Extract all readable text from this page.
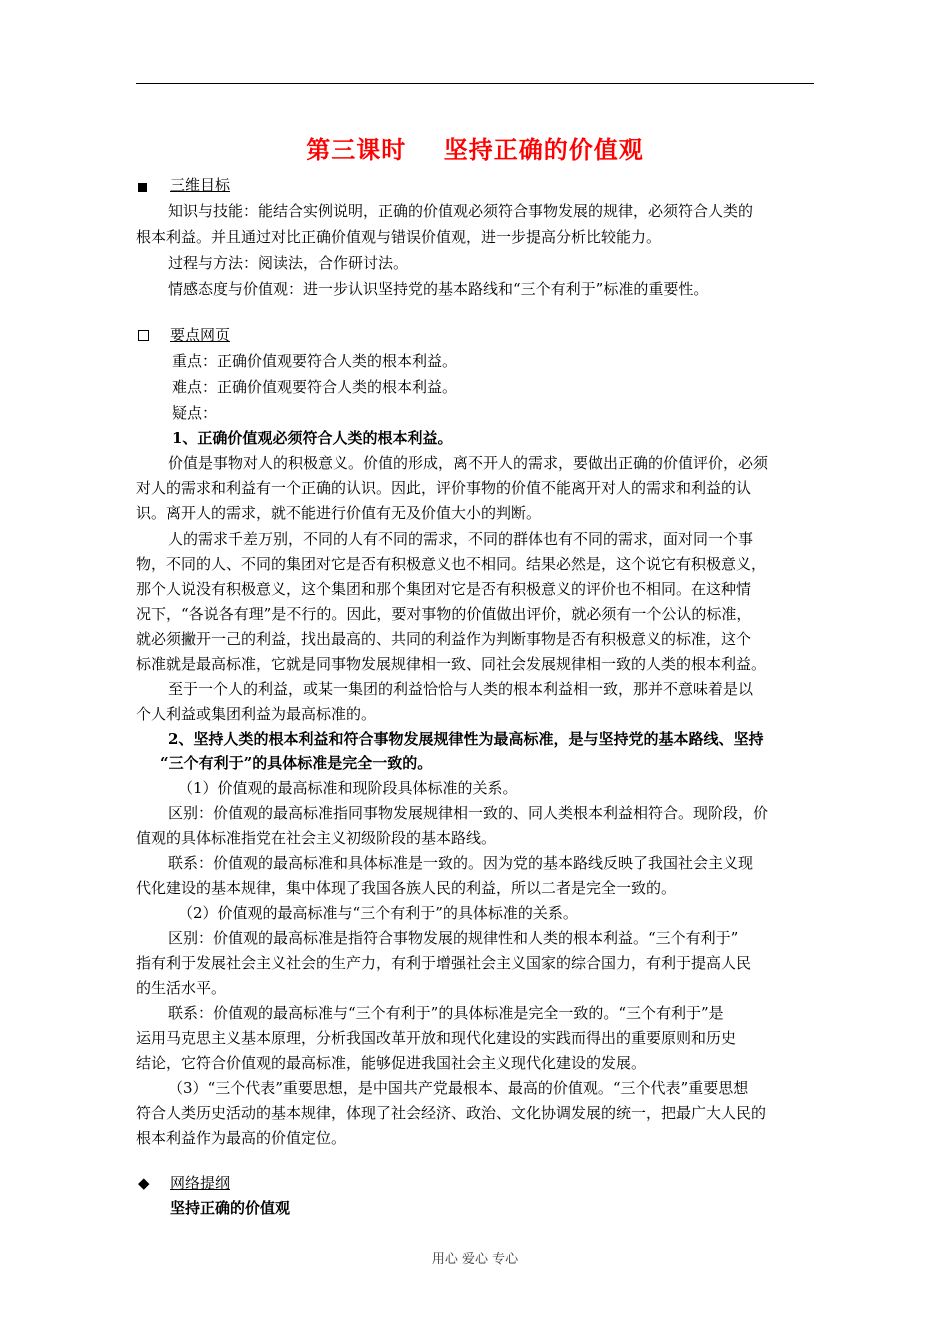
第三课时    坚持正确的价值观
三维目标
知识与技能：能结合实例说明，正确的价值观必须符合事物发展的规律，必须符合人类的
根本利益。并且通过对比正确价值观与错误价值观，进一步提高分析比较能力。
过程与方法：阅读法，合作研讨法。
情感态度与价值观：进一步认识坚持党的基本路线和“三个有利于”标准的重要性。
要点网页
重点：正确价值观要符合人类的根本利益。
难点：正确价值观要符合人类的根本利益。
疑点：
1、正确价值观必须符合人类的根本利益。
价值是事物对人的积极意义。价值的形成，离不开人的需求，要做出正确的价值评价，必须
对人的需求和利益有一个正确的认识。因此，评价事物的价值不能离开对人的需求和利益的认
识。离开人的需求，就不能进行价值有无及价值大小的判断。
人的需求千差万别，不同的人有不同的需求，不同的群体也有不同的需求，面对同一个事
物，不同的人、不同的集团对它是否有积极意义也不相同。结果必然是，这个说它有积极意义，
那个人说没有积极意义，这个集团和那个集团对它是否有积极意义的评价也不相同。在这种情
况下，“各说各有理”是不行的。因此，要对事物的价值做出评价，就必须有一个公认的标准，
就必须撇开一己的利益，找出最高的、共同的利益作为判断事物是否有积极意义的标准，这个
标准就是最高标准，它就是同事物发展规律相一致、同社会发展规律相一致的人类的根本利益。
至于一个人的利益，或某一集团的利益恰恰与人类的根本利益相一致，那并不意味着是以
个人利益或集团利益为最高标准的。
2、坚持人类的根本利益和符合事物发展规律性为最高标准，是与坚持党的基本路线、坚持
“三个有利于”的具体标准是完全一致的。
（1）价值观的最高标准和现阶段具体标准的关系。
区别：价值观的最高标准指同事物发展规律相一致的、同人类根本利益相符合。现阶段，价
值观的具体标准指党在社会主义初级阶段的基本路线。
联系：价值观的最高标准和具体标准是一致的。因为党的基本路线反映了我国社会主义现
代化建设的基本规律，集中体现了我国各族人民的利益，所以二者是完全一致的。
（2）价值观的最高标准与“三个有利于”的具体标准的关系。
区别：价值观的最高标准是指符合事物发展的规律性和人类的根本利益。“三个有利于”
指有利于发展社会主义社会的生产力，有利于增强社会主义国家的综合国力，有利于提高人民
的生活水平。
联系：价值观的最高标准与“三个有利于”的具体标准是完全一致的。“三个有利于”是
运用马克思主义基本原理，分析我国改革开放和现代化建设的实践而得出的重要原则和历史
结论，它符合价值观的最高标准，能够促进我国社会主义现代化建设的发展。
（3）“三个代表”重要思想，是中国共产党最根本、最高的价值观。“三个代表”重要思想
符合人类历史活动的基本规律，体现了社会经济、政治、文化协调发展的统一，把最广大人民的
根本利益作为最高的价值定位。
◆ 网络提纲
坚持正确的价值观
用心 爱心 专心
